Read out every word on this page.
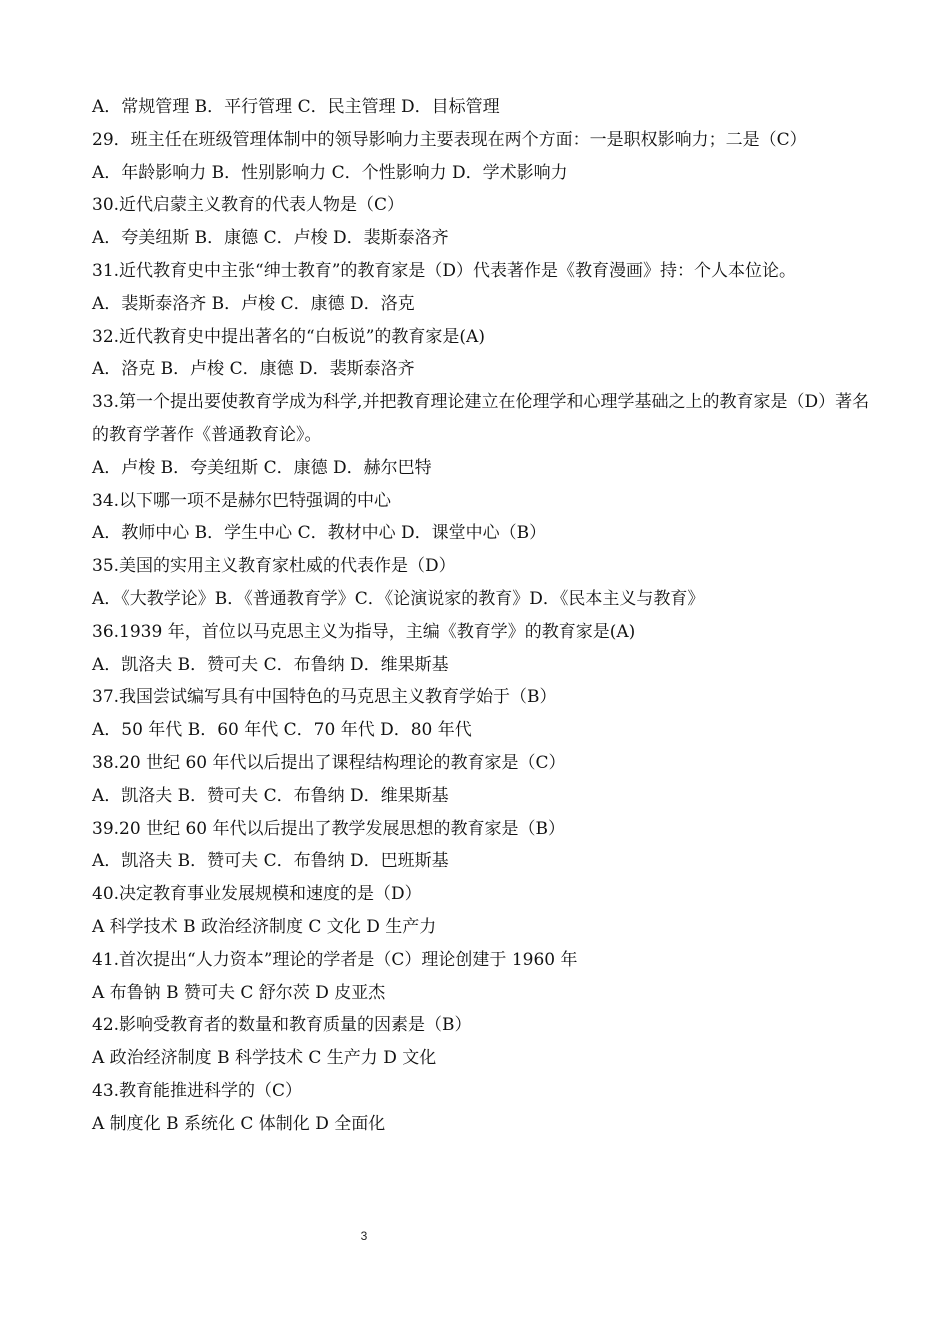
A．常规管理 B．平行管理 C．民主管理 D．目标管理
29．班主任在班级管理体制中的领导影响力主要表现在两个方面：一是职权影响力；二是（C）
A．年龄影响力 B．性别影响力 C．个性影响力 D．学术影响力
30.近代启蒙主义教育的代表人物是（C）
A．夸美纽斯 B．康德 C．卢梭 D．裴斯泰洛齐
31.近代教育史中主张“绅士教育”的教育家是（D）代表著作是《教育漫画》持：个人本位论。
A．裴斯泰洛齐 B．卢梭 C．康德 D．洛克
32.近代教育史中提出著名的“白板说”的教育家是(A)
A．洛克 B．卢梭 C．康德 D．裴斯泰洛齐
33.第一个提出要使教育学成为科学,并把教育理论建立在伦理学和心理学基础之上的教育家是（D）著名的教育学著作《普通教育论》。
A．卢梭 B．夸美纽斯 C．康德 D．赫尔巴特
34.以下哪一项不是赫尔巴特强调的中心
A．教师中心 B．学生中心 C．教材中心 D．课堂中心（B）
35.美国的实用主义教育家杜威的代表作是（D）
A．《大教学论》B．《普通教育学》C．《论演说家的教育》D．《民本主义与教育》
36.1939 年，首位以马克思主义为指导，主编《教育学》的教育家是(A)
A．凯洛夫 B．赞可夫 C．布鲁纳 D．维果斯基
37.我国尝试编写具有中国特色的马克思主义教育学始于（B）
A．50 年代 B．60 年代 C．70 年代 D．80 年代
38.20 世纪 60 年代以后提出了课程结构理论的教育家是（C）
A．凯洛夫 B．赞可夫 C．布鲁纳 D．维果斯基
39.20 世纪 60 年代以后提出了教学发展思想的教育家是（B）
A．凯洛夫 B．赞可夫 C．布鲁纳 D．巴班斯基
40.决定教育事业发展规模和速度的是（D）
A 科学技术 B 政治经济制度 C 文化 D 生产力
41.首次提出“人力资本”理论的学者是（C）理论创建于 1960 年
A 布鲁钠 B 赞可夫 C 舒尔茨 D 皮亚杰
42.影响受教育者的数量和教育质量的因素是（B）
A 政治经济制度 B 科学技术 C 生产力 D 文化
43.教育能推进科学的（C）
A 制度化 B 系统化 C 体制化 D 全面化
3
